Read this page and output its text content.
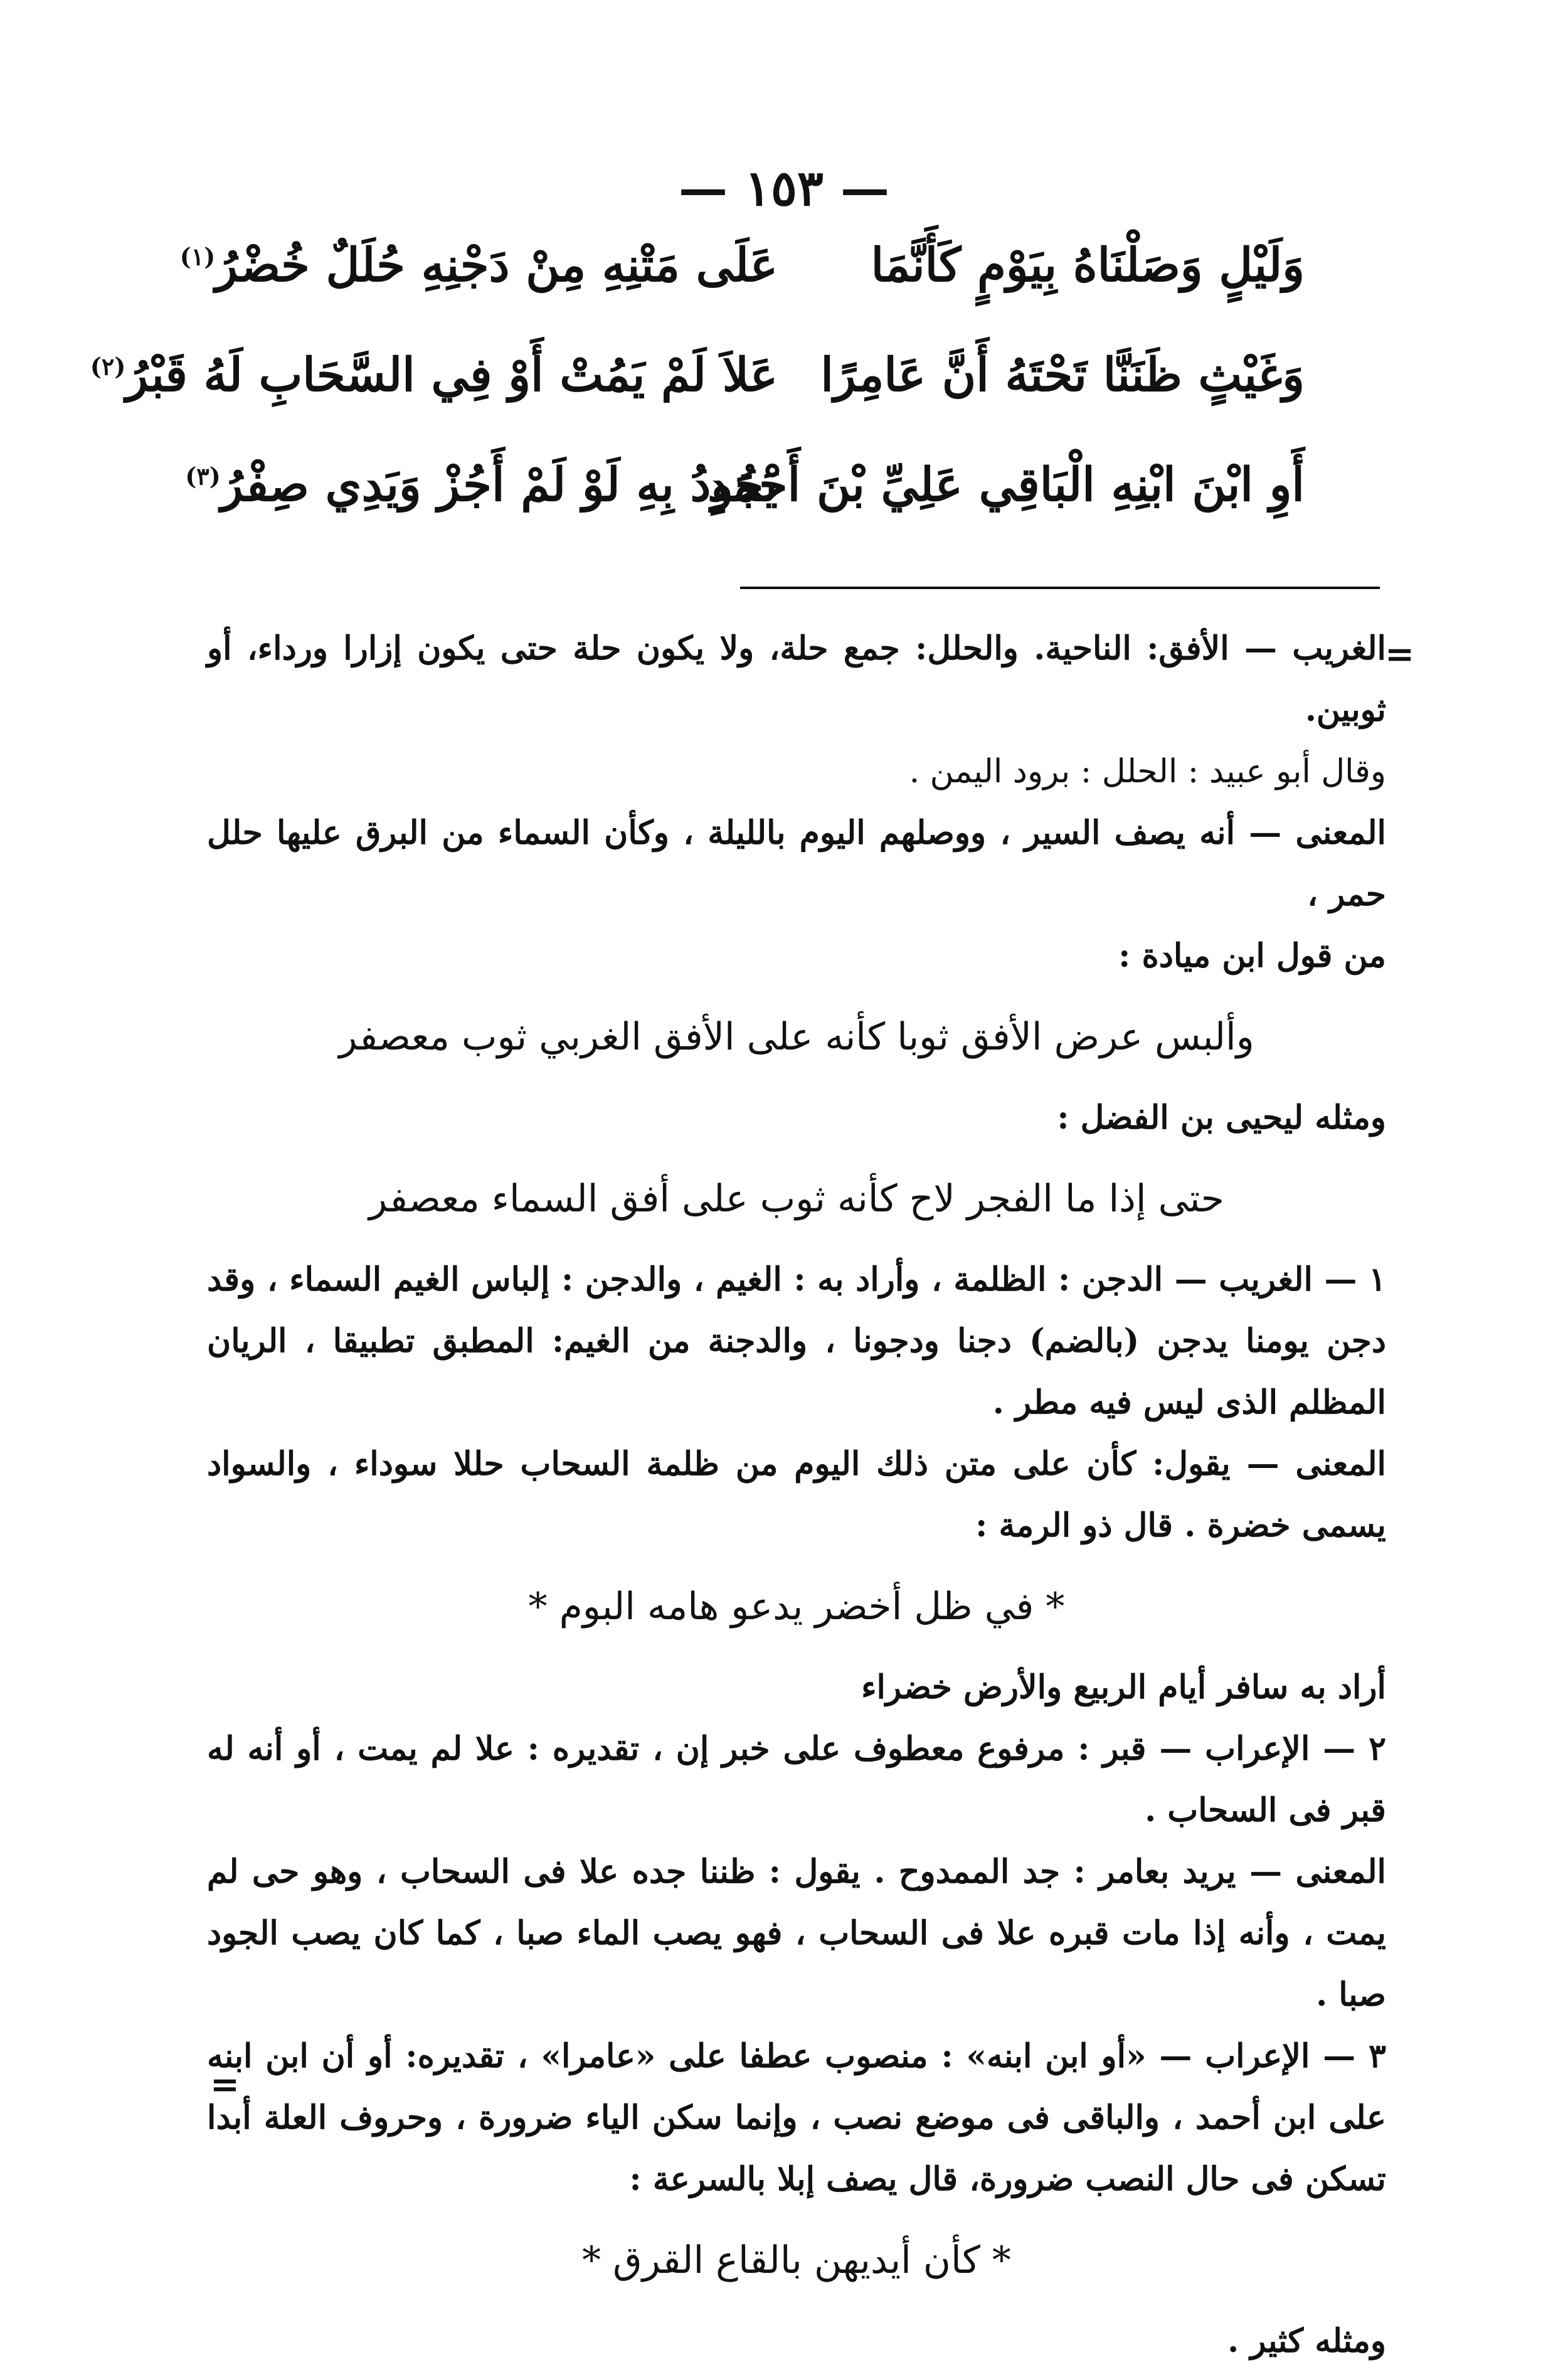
— ١٥٣ —
وَلَيْلٍ وَصَلْنَاهُ بِيَوْمٍ كَأَنَّمَا
عَلَى مَتْنِهِ مِنْ دَجْنِهِ حُلَلٌ خُضْرُ$^{(١)}$
وَغَيْثٍ ظَنَنَّا تَحْتَهُ أَنَّ عَامِرًا
عَلاَ لَمْ يَمُتْ أَوْ فِي السَّحَابِ لَهُ قَبْرُ$^{(٢)}$
أَوِ ابْنَ ابْنِهِ الْبَاقِي عَلِيِّ بْنَ أَحْمَدٍ
يَجُودُ بِهِ لَوْ لَمْ أَجُزْ وَيَدِي صِفْرُ$^{(٣)}$
=

الغريب — الأفق: الناحية. والحلل: جمع حلة، ولا يكون حلة حتى يكون إزارا ورداء، أو ثوبين.

وقال أبو عبيد : الحلل : برود اليمن .

المعنى — أنه يصف السير ، ووصلهم اليوم بالليلة ، وكأن السماء من البرق عليها حلل حمر ،

من قول ابن ميادة :

وألبس عرض الأفق ثوبا كأنه على الأفق الغربي ثوب معصفر

ومثله ليحيى بن الفضل :

حتى إذا ما الفجر لاح كأنه ثوب على أفق السماء معصفر

١ — الغريب — الدجن : الظلمة ، وأراد به : الغيم ، والدجن : إلباس الغيم السماء ، وقد دجن يومنا يدجن (بالضم) دجنا ودجونا ، والدجنة من الغيم: المطبق تطبيقا ، الريان المظلم الذى ليس فيه مطر .

المعنى — يقول: كأن على متن ذلك اليوم من ظلمة السحاب حللا سوداء ، والسواد يسمى خضرة . قال ذو الرمة :

* في ظل أخضر يدعو هامه البوم *

أراد به سافر أيام الربيع والأرض خضراء

٢ — الإعراب — قبر : مرفوع معطوف على خبر إن ، تقديره : علا لم يمت ، أو أنه له قبر فى السحاب .

المعنى — يريد بعامر : جد الممدوح . يقول : ظننا جده علا فى السحاب ، وهو حى لم يمت ، وأنه إذا مات قبره علا فى السحاب ، فهو يصب الماء صبا ، كما كان يصب الجود صبا .

٣ — الإعراب — «أو ابن ابنه» : منصوب عطفا على «عامرا» ، تقديره: أو أن ابن ابنه على ابن أحمد ، والباقى فى موضع نصب ، وإنما سكن الياء ضرورة ، وحروف العلة أبدا تسكن فى حال النصب ضرورة، قال يصف إبلا بالسرعة :

* كأن أيديهن بالقاع القرق *

ومثله كثير .

=
